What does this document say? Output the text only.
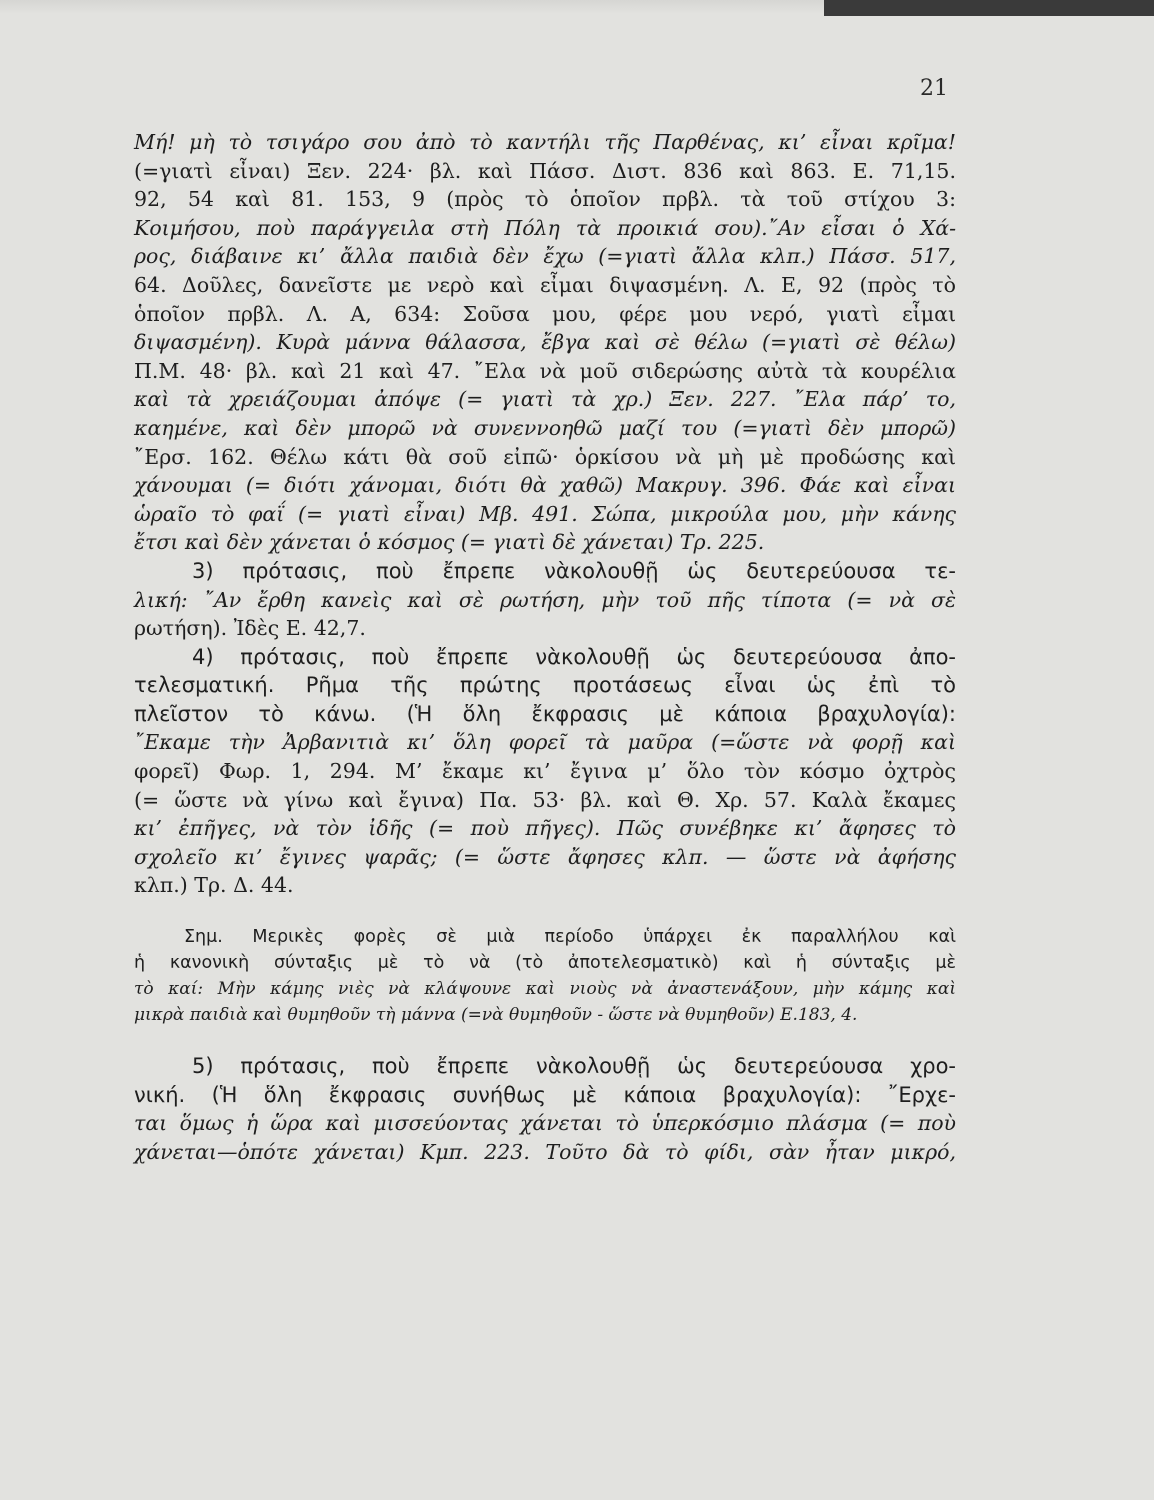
21
Μή! μὴ τὸ τσιγάρο σου ἀπὸ τὸ καντήλι τῆς Παρθένας, κι’ εἶναι κρῖμα!
(=γιατὶ εἶναι) Ξεν. 224· βλ. καὶ Πάσσ. Διστ. 836 καὶ 863. Ε. 71,15.
92, 54 καὶ 81. 153, 9 (πρὸς τὸ ὁποῖον πρβλ. τὰ τοῦ στίχου 3:
Κοιμήσου, ποὺ παράγγειλα στὴ Πόλη τὰ προικιά σου).῎Αν εἶσαι ὁ Χά-
ρος, διάβαινε κι’ ἄλλα παιδιὰ δὲν ἔχω (=γιατὶ ἄλλα κλπ.) Πάσσ. 517,
64. Δοῦλες, δανεῖστε με νερὸ καὶ εἶμαι διψασμένη. Λ. Ε, 92 (πρὸς τὸ
ὁποῖον πρβλ. Λ. Α, 634: Σοῦσα μου, φέρε μου νερό, γιατὶ εἶμαι
διψασμένη). Κυρὰ μάννα θάλασσα, ἔβγα καὶ σὲ θέλω (=γιατὶ σὲ θέλω)
Π.Μ. 48· βλ. καὶ 21 καὶ 47. ῎Ελα νὰ μοῦ σιδερώσης αὐτὰ τὰ κουρέλια
καὶ τὰ χρειάζουμαι ἀπόψε (= γιατὶ τὰ χρ.) Ξεν. 227. ῎Ελα πάρ’ το,
καημένε, καὶ δὲν μπορῶ νὰ συνεννοηθῶ μαζί του (=γιατὶ δὲν μπορῶ)
῎Ερσ. 162. Θέλω κάτι θὰ σοῦ εἰπῶ· ὁρκίσου νὰ μὴ μὲ προδώσης καὶ
χάνουμαι (= διότι χάνομαι, διότι θὰ χαθῶ) Μακρυγ. 396. Φάε καὶ εἶναι
ὡραῖο τὸ φαΐ (= γιατὶ εἶναι) Μβ. 491. Σώπα, μικρούλα μου, μὴν κάνης
ἔτσι καὶ δὲν χάνεται ὁ κόσμος (= γιατὶ δὲ χάνεται) Τρ. 225.
3) πρότασις, ποὺ ἔπρεπε νὰκολουθῇ ὡς δευτερεύουσα τε-
λική: ῎Αν ἔρθη κανεὶς καὶ σὲ ρωτήση, μὴν τοῦ πῆς τίποτα (= νὰ σὲ
ρωτήση). Ἰδὲς Ε. 42,7.
4) πρότασις, ποὺ ἔπρεπε νὰκολουθῇ ὡς δευτερεύουσα ἀπο-
τελεσματική. Ρῆμα τῆς πρώτης προτάσεως εἶναι ὡς ἐπὶ τὸ
πλεῖστον τὸ κάνω. (Ἡ ὅλη ἔκφρασις μὲ κάποια βραχυλογία):
῎Εκαμε τὴν Ἀρβανιτιὰ κι’ ὅλη φορεῖ τὰ μαῦρα (=ὥστε νὰ φορῇ καὶ
φορεῖ) Φωρ. 1, 294. Μ’ ἔκαμε κι’ ἔγινα μ’ ὅλο τὸν κόσμο ὀχτρὸς
(= ὥστε νὰ γίνω καὶ ἔγινα) Πα. 53· βλ. καὶ Θ. Χρ. 57. Καλὰ ἔκαμες
κι’ ἐπῆγες, νὰ τὸν ἰδῆς (= ποὺ πῆγες). Πῶς συνέβηκε κι’ ἄφησες τὸ
σχολεῖο κι’ ἔγινες ψαρᾶς; (= ὥστε ἄφησες κλπ. — ὥστε νὰ ἀφήσης
κλπ.) Τρ. Δ. 44.
Σημ. Μερικὲς φορὲς σὲ μιὰ περίοδο ὑπάρχει ἐκ παραλλήλου καὶ
ἡ κανονικὴ σύνταξις μὲ τὸ νὰ (τὸ ἀποτελεσματικὸ) καὶ ἡ σύνταξις μὲ
τὸ καί: Μὴν κάμης νιὲς νὰ κλάψουνε καὶ νιοὺς νὰ ἀναστενάξουν, μὴν κάμης καὶ
μικρὰ παιδιὰ καὶ θυμηθοῦν τὴ μάννα (=νὰ θυμηθοῦν - ὥστε νὰ θυμηθοῦν) Ε.183, 4.
5) πρότασις, ποὺ ἔπρεπε νὰκολουθῇ ὡς δευτερεύουσα χρο-
νική. (Ἡ ὅλη ἔκφρασις συνήθως μὲ κάποια βραχυλογία): ῎Ερχε-
ται ὅμως ἡ ὥρα καὶ μισσεύοντας χάνεται τὸ ὑπερκόσμιο πλάσμα (= ποὺ
χάνεται—ὁπότε χάνεται) Κμπ. 223. Τοῦτο δὰ τὸ φίδι, σὰν ἦταν μικρό,
